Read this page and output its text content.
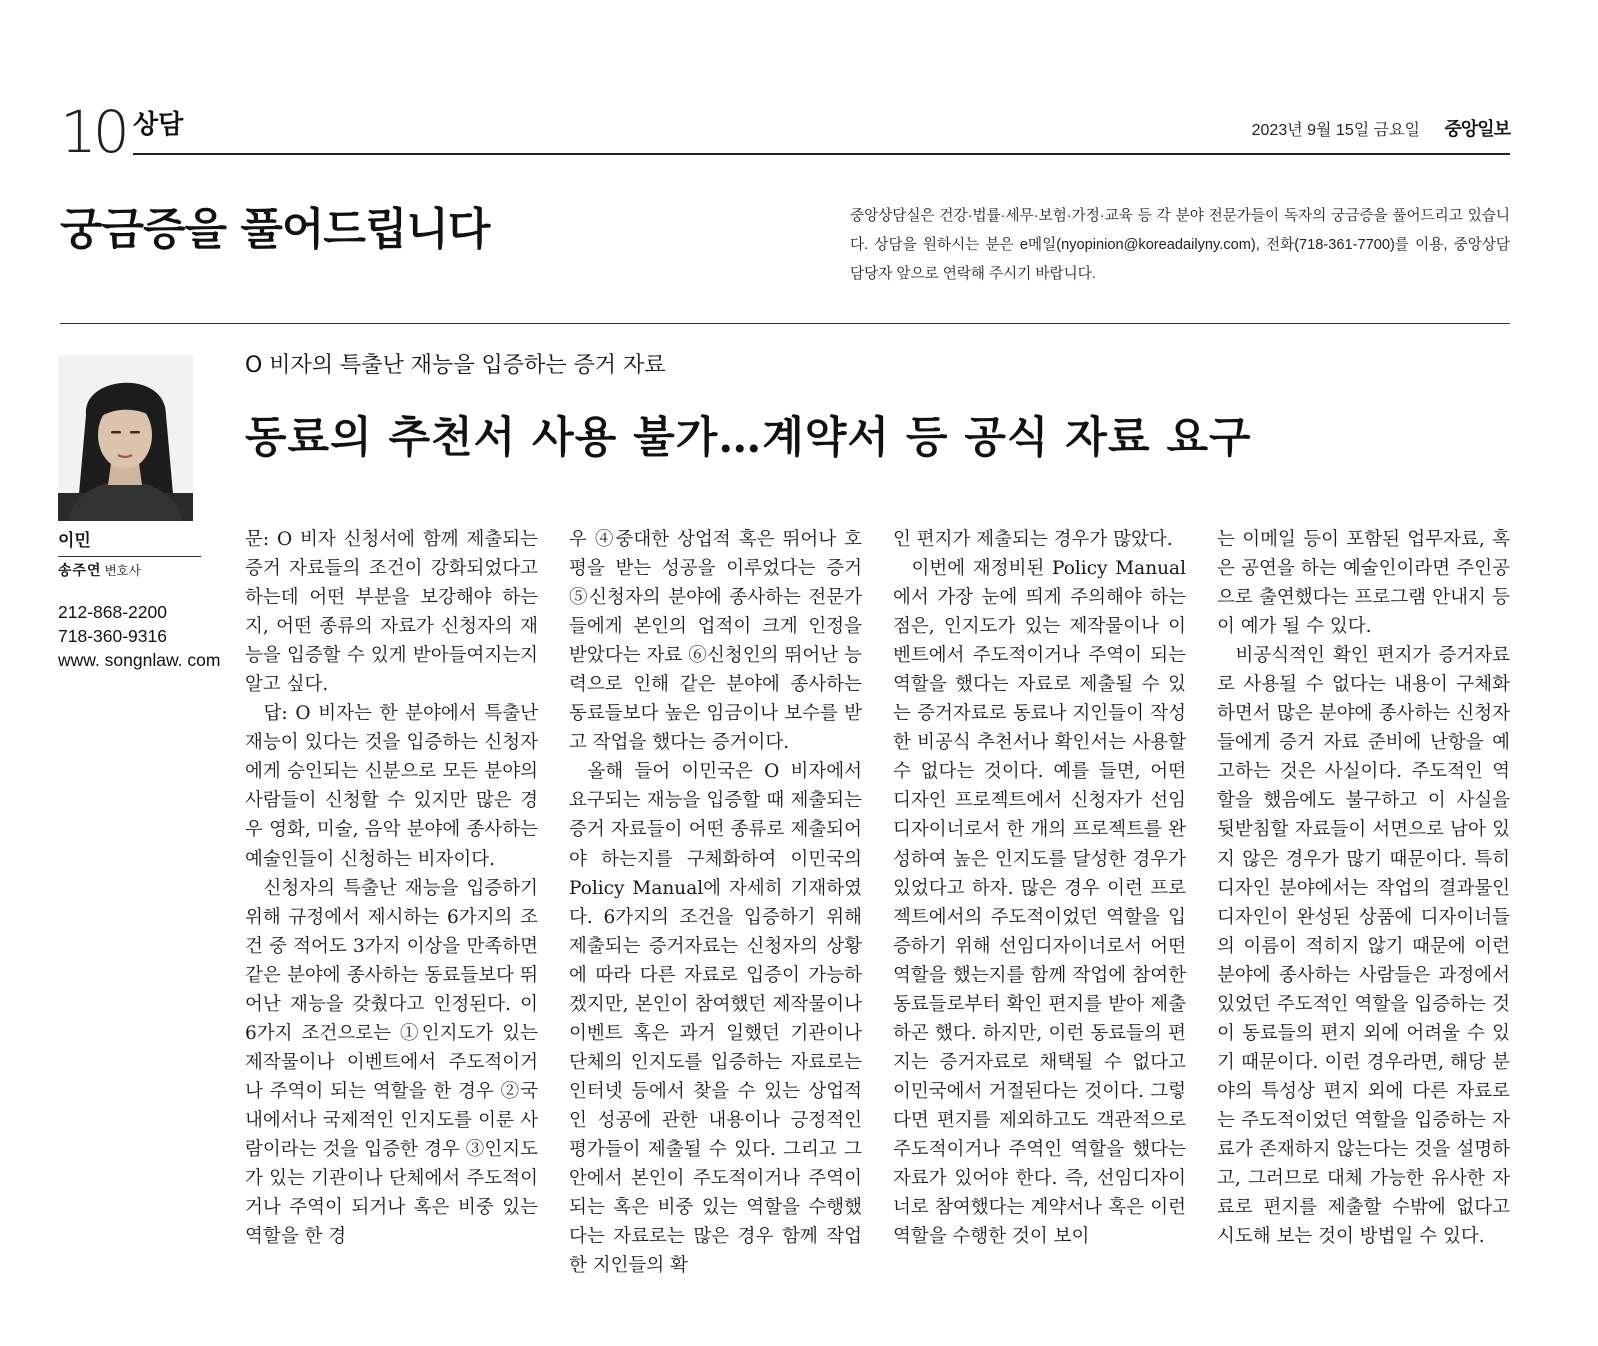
10 상담	2023년 9월 15일 금요일 중앙일보
궁금증을 풀어드립니다	중앙상담실은 건강·법률·세무·보험·가정·교육 등 각 분야 전문가들이 독자의 궁금증을 풀어드리고 있습니다. 상담을 원하시는 분은 e메일(nyopinion@koreadailyny.com), 전화(718-361-7700)를 이용, 중앙상담 담당자 앞으로 연락해 주시기 바랍니다.
이민
송주연 변호사
212-868-2200
718-360-9316
www. songnlaw. com
O 비자의 특출난 재능을 입증하는 증거 자료
동료의 추천서 사용 불가…계약서 등 공식 자료 요구

문: O 비자 신청서에 함께 제출되는 증거 자료들의 조건이 강화되었다고 하는데 어떤 부분을 보강해야 하는지, 어떤 종류의 자료가 신청자의 재능을 입증할 수 있게 받아들여지는지 알고 싶다.

답: O 비자는 한 분야에서 특출난 재능이 있다는 것을 입증하는 신청자에게 승인되는 신분으로 모든 분야의 사람들이 신청할 수 있지만 많은 경우 영화, 미술, 음악 분야에 종사하는 예술인들이 신청하는 비자이다.

신청자의 특출난 재능을 입증하기 위해 규정에서 제시하는 6가지의 조건 중 적어도 3가지 이상을 만족하면 같은 분야에 종사하는 동료들보다 뛰어난 재능을 갖췄다고 인정된다. 이 6가지 조건으로는 ①인지도가 있는 제작물이나 이벤트에서 주도적이거나 주역이 되는 역할을 한 경우 ②국내에서나 국제적인 인지도를 이룬 사람이라는 것을 입증한 경우 ③인지도가 있는 기관이나 단체에서 주도적이거나 주역이 되거나 혹은 비중 있는 역할을 한 경

우 ④중대한 상업적 혹은 뛰어나 호평을 받는 성공을 이루었다는 증거 ⑤신청자의 분야에 종사하는 전문가들에게 본인의 업적이 크게 인정을 받았다는 자료 ⑥신청인의 뛰어난 능력으로 인해 같은 분야에 종사하는 동료들보다 높은 임금이나 보수를 받고 작업을 했다는 증거이다.

올해 들어 이민국은 O 비자에서 요구되는 재능을 입증할 때 제출되는 증거 자료들이 어떤 종류로 제출되어야 하는지를 구체화하여 이민국의 Policy Manual에 자세히 기재하였다. 6가지의 조건을 입증하기 위해 제출되는 증거자료는 신청자의 상황에 따라 다른 자료로 입증이 가능하겠지만, 본인이 참여했던 제작물이나 이벤트 혹은 과거 일했던 기관이나 단체의 인지도를 입증하는 자료로는 인터넷 등에서 찾을 수 있는 상업적인 성공에 관한 내용이나 긍정적인 평가들이 제출될 수 있다. 그리고 그 안에서 본인이 주도적이거나 주역이 되는 혹은 비중 있는 역할을 수행했다는 자료로는 많은 경우 함께 작업한 지인들의 확

인 편지가 제출되는 경우가 많았다.

이번에 재정비된 Policy Manual에서 가장 눈에 띄게 주의해야 하는 점은, 인지도가 있는 제작물이나 이벤트에서 주도적이거나 주역이 되는 역할을 했다는 자료로 제출될 수 있는 증거자료로 동료나 지인들이 작성한 비공식 추천서나 확인서는 사용할 수 없다는 것이다. 예를 들면, 어떤 디자인 프로젝트에서 신청자가 선임디자이너로서 한 개의 프로젝트를 완성하여 높은 인지도를 달성한 경우가 있었다고 하자. 많은 경우 이런 프로젝트에서의 주도적이었던 역할을 입증하기 위해 선임디자이너로서 어떤 역할을 했는지를 함께 작업에 참여한 동료들로부터 확인 편지를 받아 제출하곤 했다. 하지만, 이런 동료들의 편지는 증거자료로 채택될 수 없다고 이민국에서 거절된다는 것이다. 그렇다면 편지를 제외하고도 객관적으로 주도적이거나 주역인 역할을 했다는 자료가 있어야 한다. 즉, 선임디자이너로 참여했다는 계약서나 혹은 이런 역할을 수행한 것이 보이

는 이메일 등이 포함된 업무자료, 혹은 공연을 하는 예술인이라면 주인공으로 출연했다는 프로그램 안내지 등이 예가 될 수 있다.

비공식적인 확인 편지가 증거자료로 사용될 수 없다는 내용이 구체화하면서 많은 분야에 종사하는 신청자들에게 증거 자료 준비에 난항을 예고하는 것은 사실이다. 주도적인 역할을 했음에도 불구하고 이 사실을 뒷받침할 자료들이 서면으로 남아 있지 않은 경우가 많기 때문이다. 특히 디자인 분야에서는 작업의 결과물인 디자인이 완성된 상품에 디자이너들의 이름이 적히지 않기 때문에 이런 분야에 종사하는 사람들은 과정에서 있었던 주도적인 역할을 입증하는 것이 동료들의 편지 외에 어려울 수 있기 때문이다. 이런 경우라면, 해당 분야의 특성상 편지 외에 다른 자료로는 주도적이었던 역할을 입증하는 자료가 존재하지 않는다는 것을 설명하고, 그러므로 대체 가능한 유사한 자료로 편지를 제출할 수밖에 없다고 시도해 보는 것이 방법일 수 있다.
